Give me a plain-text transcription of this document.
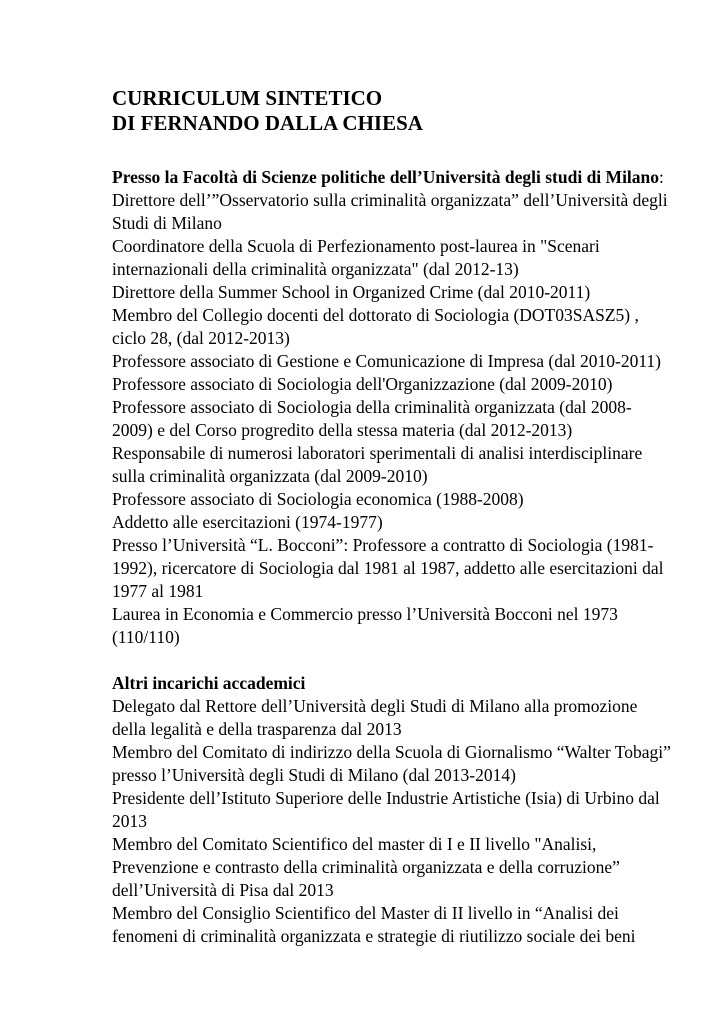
CURRICULUM SINTETICO
DI FERNANDO DALLA CHIESA

Presso la Facoltà di Scienze politiche dell’Università degli studi di Milano:

Direttore dell’”Osservatorio sulla criminalità organizzata” dell’Università degli Studi di Milano

Coordinatore della Scuola di Perfezionamento post-laurea in "Scenari internazionali della criminalità organizzata" (dal 2012-13)

Direttore della Summer School in Organized Crime (dal 2010-2011)

Membro del Collegio docenti del dottorato di Sociologia (DOT03SASZ5) , ciclo 28, (dal 2012-2013)

Professore associato di Gestione e Comunicazione di Impresa (dal 2010-2011)

Professore associato di Sociologia dell'Organizzazione (dal 2009-2010)

Professore associato di Sociologia della criminalità organizzata (dal 2008-2009) e del Corso progredito della stessa materia (dal 2012-2013)

Responsabile di numerosi laboratori sperimentali di analisi interdisciplinare sulla criminalità organizzata (dal 2009-2010)

Professore associato di Sociologia economica (1988-2008)

Addetto alle esercitazioni (1974-1977)

Presso l’Università “L. Bocconi”: Professore a contratto di Sociologia (1981-1992), ricercatore di Sociologia dal 1981 al 1987, addetto alle esercitazioni dal 1977 al 1981

Laurea in Economia e Commercio presso l’Università Bocconi nel 1973 (110/110)

Altri incarichi accademici

Delegato dal Rettore dell’Università degli Studi di Milano alla promozione della legalità e della trasparenza dal 2013

Membro del Comitato di indirizzo della Scuola di Giornalismo “Walter Tobagi” presso l’Università degli Studi di Milano (dal 2013-2014)

Presidente dell’Istituto Superiore delle Industrie Artistiche (Isia) di Urbino dal 2013

Membro del Comitato Scientifico del master di I e II livello "Analisi, Prevenzione e contrasto della criminalità organizzata e della corruzione” dell’Università di Pisa dal 2013

Membro del Consiglio Scientifico del Master di II livello in “Analisi dei fenomeni di criminalità organizzata e strategie di riutilizzo sociale dei beni
